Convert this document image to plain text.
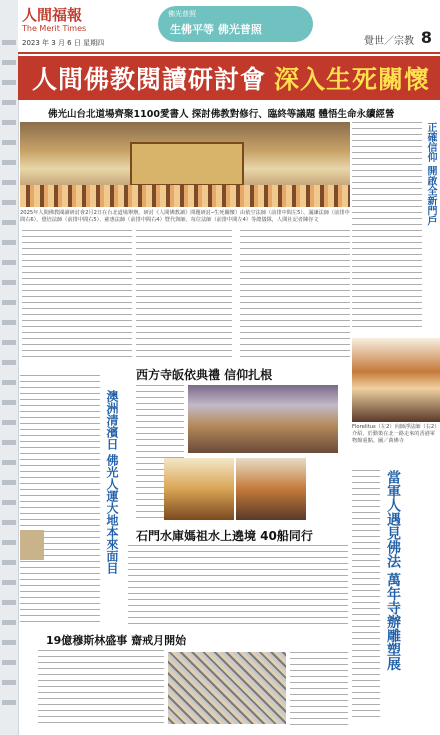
人間福報
The Merit Times
2023 年 3 月 6 日 星期四
佛光普照
生佛平等 佛光普照
覺世／宗教 8
人間佛教閱讀研討會 深入生死關懷
佛光山台北道場齊聚1100愛書人 探討佛教對修行、臨終等議題 體悟生命永續經營
2025年人間佛教閱讀研討會2月2日在台北道場舉辦。研討《人間佛教讀》問題研討─生死關懷）由依空法師（前排中間左5）、滿謙法師（前排中間右6），覺培法師（前排中間右5）、慈惠法師（前排中間右4）暨代與師，每位法師（前排中間左4）等總儀隊，人間社記者陳谷文	正確信仰 開啟全新門戶
西方寺皈依典禮 信仰扎根
澳洲清濱日 佛光人運大地本來面目 石門水庫媽祖水上遶境 40船同行
Florelitus（左2）向師淨法師（右2）介紹，於動策在北一路走來的香港軍物館重點。圖／萬佛寺
當軍人遇見佛法 萬年寺辦雕塑展
19億穆斯林盛事 齋戒月開始
